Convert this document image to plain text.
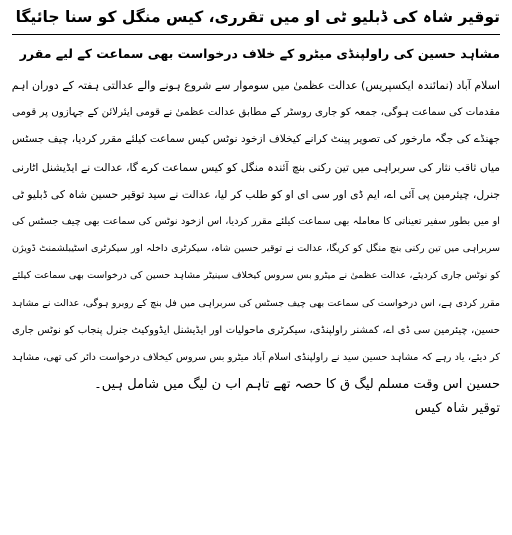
توقیر شاہ کی ڈبلیو ٹی او میں تقرری، کیس منگل کو سنا جائیگا
مشاہد حسین کی راولپنڈی میٹرو کے خلاف درخواست بھی سماعت کے لیے مقرر
اسلام آباد (نمائندہ ایکسپریس) عدالت عظمیٰ میں سوموار سے شروع ہونے والے عدالتی ہفتہ کے دوران اہم
مقدمات کی سماعت ہوگی، جمعہ کو جاری روسٹر کے مطابق عدالت عظمیٰ نے قومی ایئرلائن کے جہازوں پر قومی
جھنڈے کی جگہ مارخور کی تصویر پینٹ کرانے کیخلاف ازخود نوٹس کیس سماعت کیلئے مقرر کردیا، چیف جسٹس
میاں ثاقب نثار کی سربراہی میں تین رکنی بنچ آئندہ منگل کو کیس سماعت کرے گا، عدالت نے ایڈیشنل اٹارنی
جنرل، چیئرمین پی آئی اے، ایم ڈی اور سی ای او کو طلب کر لیا، عدالت نے سید توقیر حسین شاہ کی ڈبلیو ٹی
او میں بطور سفیر تعیناتی کا معاملہ بھی سماعت کیلئے مقرر کردیا، اس ازخود نوٹس کی سماعت بھی چیف جسٹس کی
سربراہی میں تین رکنی بنچ منگل کو کریگا، عدالت نے توقیر حسین شاہ، سیکرٹری داخلہ اور سیکرٹری اسٹیبلشمنٹ ڈویژن
کو نوٹس جاری کردیئے، عدالت عظمیٰ نے میٹرو بس سروس کیخلاف سینیٹر مشاہد حسین کی درخواست بھی سماعت کیلئے
مقرر کردی ہے، اس درخواست کی سماعت بھی چیف جسٹس کی سربراہی میں فل بنچ کے روبرو ہوگی، عدالت نے مشاہد
حسین، چیئرمین سی ڈی اے، کمشنر راولپنڈی، سیکرٹری ماحولیات اور ایڈیشنل ایڈووکیٹ جنرل پنجاب کو نوٹس جاری
کر دیئے، یاد رہے کہ مشاہد حسین سید نے راولپنڈی اسلام آباد میٹرو بس سروس کیخلاف درخواست دائر کی تھی، مشاہد
حسین اس وقت مسلم لیگ ق کا حصہ تھے تاہم اب ن لیگ میں شامل ہیں۔
توقیر شاہ کیس
